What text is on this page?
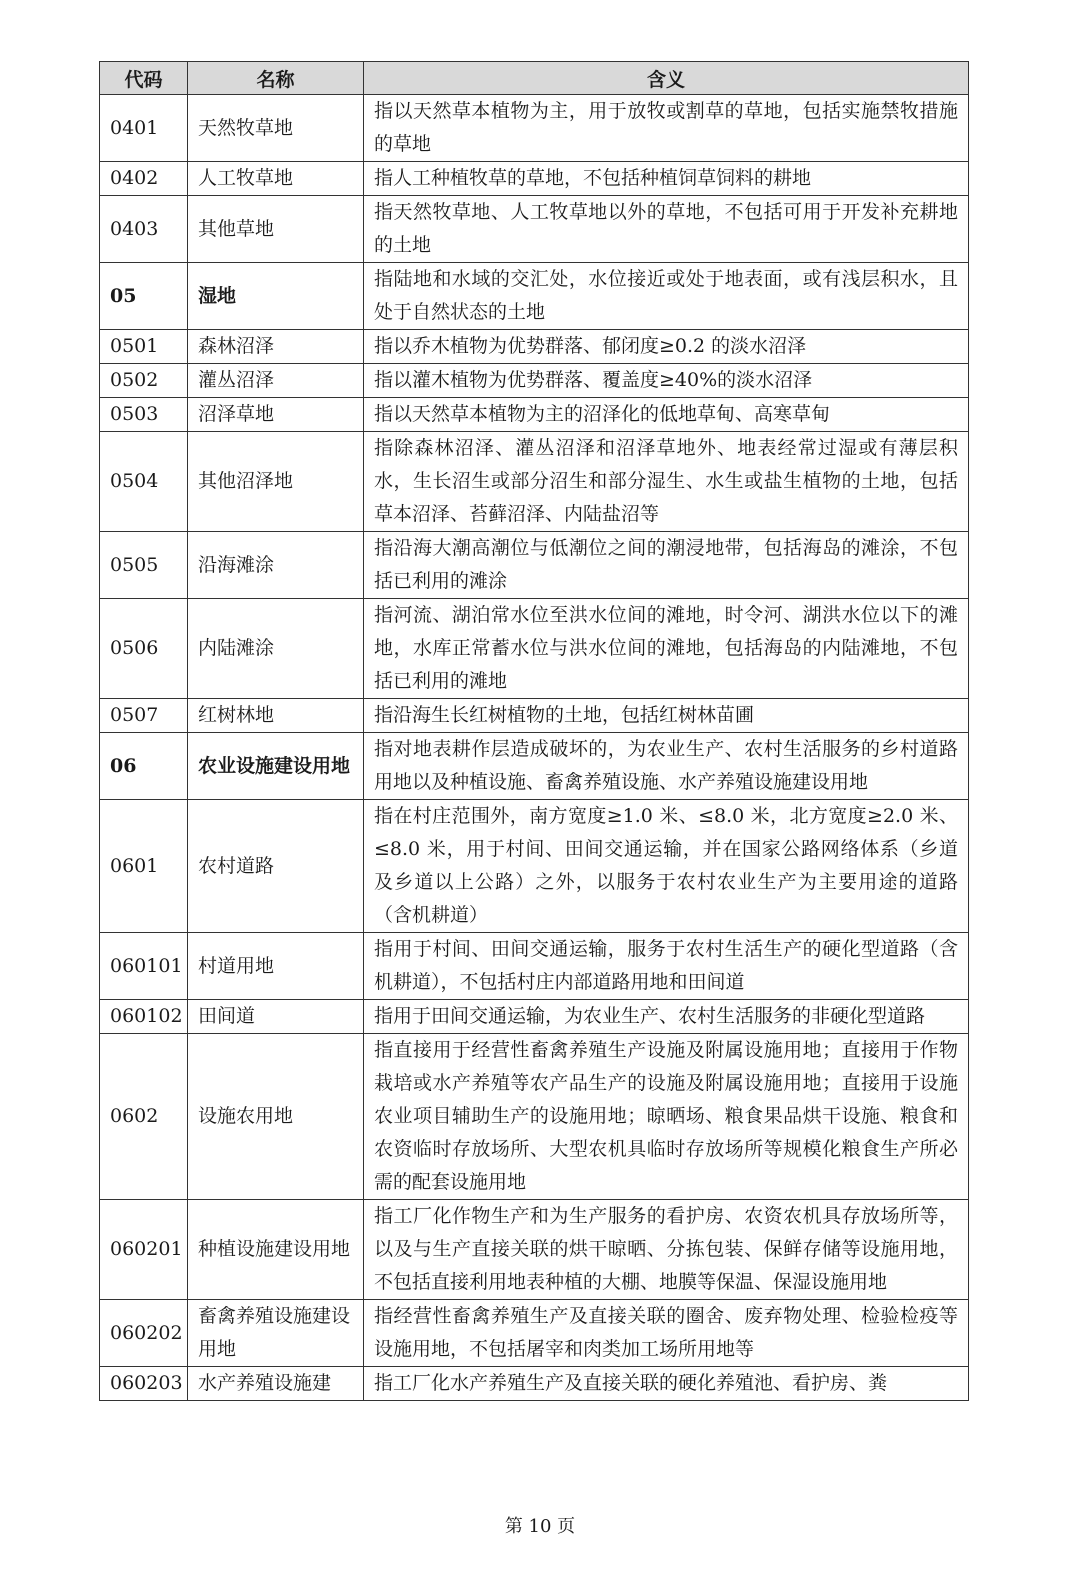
代码	名称	含义
0401	天然牧草地	指以天然草本植物为主，用于放牧或割草的草地，包括实施禁牧措施的草地
0402	人工牧草地	指人工种植牧草的草地，不包括种植饲草饲料的耕地
0403	其他草地	指天然牧草地、人工牧草地以外的草地，不包括可用于开发补充耕地的土地
05	湿地	指陆地和水域的交汇处，水位接近或处于地表面，或有浅层积水，且处于自然状态的土地
0501	森林沼泽	指以乔木植物为优势群落、郁闭度≥0.2 的淡水沼泽
0502	灌丛沼泽	指以灌木植物为优势群落、覆盖度≥40%的淡水沼泽
0503	沼泽草地	指以天然草本植物为主的沼泽化的低地草甸、高寒草甸
0504	其他沼泽地	指除森林沼泽、灌丛沼泽和沼泽草地外、地表经常过湿或有薄层积水，生长沼生或部分沼生和部分湿生、水生或盐生植物的土地，包括草本沼泽、苔藓沼泽、内陆盐沼等
0505	沿海滩涂	指沿海大潮高潮位与低潮位之间的潮浸地带，包括海岛的滩涂，不包括已利用的滩涂
0506	内陆滩涂	指河流、湖泊常水位至洪水位间的滩地，时令河、湖洪水位以下的滩地，水库正常蓄水位与洪水位间的滩地，包括海岛的内陆滩地，不包括已利用的滩地
0507	红树林地	指沿海生长红树植物的土地，包括红树林苗圃
06	农业设施建设用地	指对地表耕作层造成破坏的，为农业生产、农村生活服务的乡村道路用地以及种植设施、畜禽养殖设施、水产养殖设施建设用地
0601	农村道路	指在村庄范围外，南方宽度≥1.0 米、≤8.0 米，北方宽度≥2.0 米、≤8.0 米，用于村间、田间交通运输，并在国家公路网络体系（乡道及乡道以上公路）之外，以服务于农村农业生产为主要用途的道路（含机耕道）
060101	村道用地	指用于村间、田间交通运输，服务于农村生活生产的硬化型道路（含机耕道），不包括村庄内部道路用地和田间道
060102	田间道	指用于田间交通运输，为农业生产、农村生活服务的非硬化型道路
0602	设施农用地	指直接用于经营性畜禽养殖生产设施及附属设施用地；直接用于作物栽培或水产养殖等农产品生产的设施及附属设施用地；直接用于设施农业项目辅助生产的设施用地；晾晒场、粮食果品烘干设施、粮食和农资临时存放场所、大型农机具临时存放场所等规模化粮食生产所必需的配套设施用地
060201	种植设施建设用地	指工厂化作物生产和为生产服务的看护房、农资农机具存放场所等，以及与生产直接关联的烘干晾晒、分拣包装、保鲜存储等设施用地，不包括直接利用地表种植的大棚、地膜等保温、保湿设施用地
060202	畜禽养殖设施建设用地	指经营性畜禽养殖生产及直接关联的圈舍、废弃物处理、检验检疫等设施用地，不包括屠宰和肉类加工场所用地等
060203	水产养殖设施建	指工厂化水产养殖生产及直接关联的硬化养殖池、看护房、粪
第 10 页
